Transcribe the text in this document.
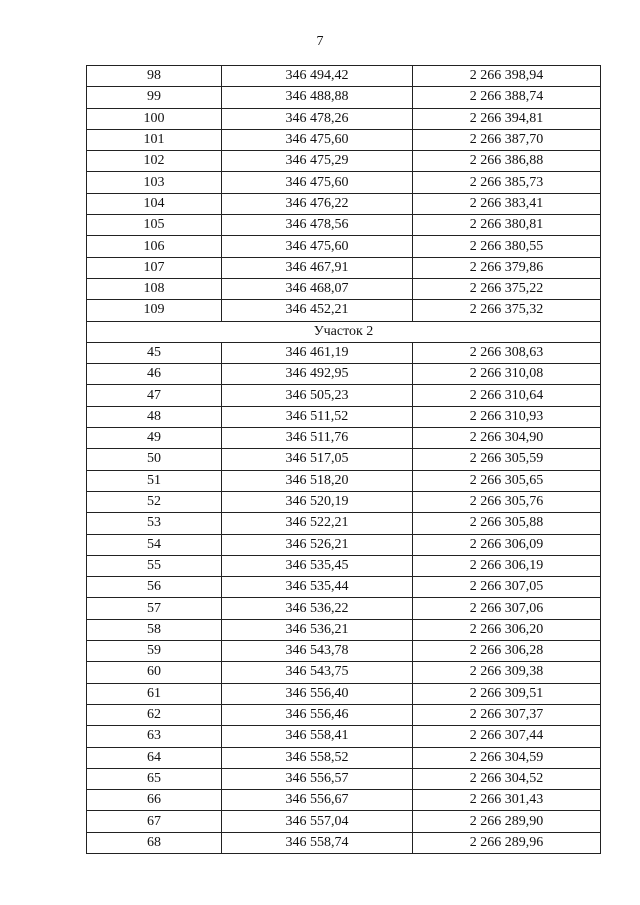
7
98	346 494,42	2 266 398,94
99	346 488,88	2 266 388,74
100	346 478,26	2 266 394,81
101	346 475,60	2 266 387,70
102	346 475,29	2 266 386,88
103	346 475,60	2 266 385,73
104	346 476,22	2 266 383,41
105	346 478,56	2 266 380,81
106	346 475,60	2 266 380,55
107	346 467,91	2 266 379,86
108	346 468,07	2 266 375,22
109	346 452,21	2 266 375,32
Участок 2		
45	346 461,19	2 266 308,63
46	346 492,95	2 266 310,08
47	346 505,23	2 266 310,64
48	346 511,52	2 266 310,93
49	346 511,76	2 266 304,90
50	346 517,05	2 266 305,59
51	346 518,20	2 266 305,65
52	346 520,19	2 266 305,76
53	346 522,21	2 266 305,88
54	346 526,21	2 266 306,09
55	346 535,45	2 266 306,19
56	346 535,44	2 266 307,05
57	346 536,22	2 266 307,06
58	346 536,21	2 266 306,20
59	346 543,78	2 266 306,28
60	346 543,75	2 266 309,38
61	346 556,40	2 266 309,51
62	346 556,46	2 266 307,37
63	346 558,41	2 266 307,44
64	346 558,52	2 266 304,59
65	346 556,57	2 266 304,52
66	346 556,67	2 266 301,43
67	346 557,04	2 266 289,90
68	346 558,74	2 266 289,96
